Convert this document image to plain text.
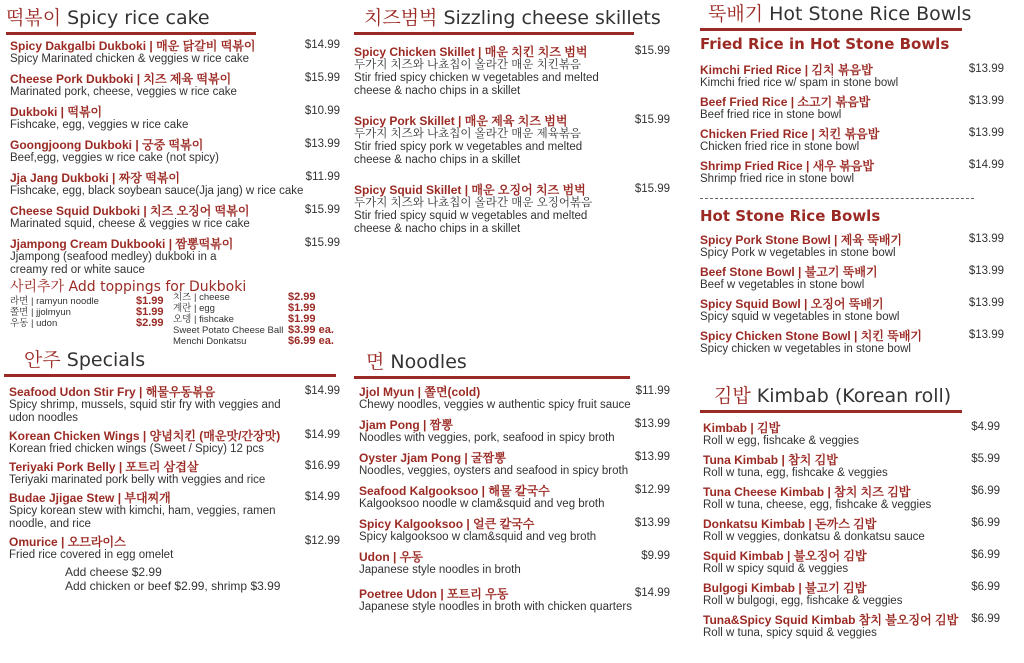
떡볶이 Spicy rice cake
Spicy Dakgalbi Dukboki | 매운 닭갈비 떡볶이
Spicy Marinated chicken & veggies w rice cake
$14.99
Cheese Pork Dukboki | 치즈 제육 떡볶이
Marinated pork, cheese, veggies w rice cake
$15.99
Dukboki | 떡볶이
Fishcake, egg, veggies w rice cake
$10.99
Goongjoong Dukboki | 궁중 떡볶이
Beef,egg, veggies w rice cake (not spicy)
$13.99
Jja Jang Dukboki | 짜장 떡볶이
Fishcake, egg, black soybean sauce(Jja jang) w rice cake
$11.99
Cheese Squid Dukboki | 치즈 오징어 떡볶이
Marinated squid, cheese & veggies w rice cake
$15.99
Jjampong Cream Dukbooki | 짬뽕떡볶이
Jjampong (seafood medley) dukboki in a creamy red or white sauce
$15.99
사리추가 Add toppings for Dukboki
라면 | ramyun noodle	$1.99
쫄면 | jjolmyun	$1.99
우동 | udon	$2.99
치즈 | cheese	$2.99
계란 | egg	$1.99
오뎅 | fishcake	$1.99
Sweet Potato Cheese Ball $3.99 ea.
Menchi Donkatsu	$6.99 ea.
안주 Specials
Seafood Udon Stir Fry | 해물우동볶음
Spicy shrimp, mussels, squid stir fry with veggies and udon noodles
$14.99
Korean Chicken Wings | 양념치킨 (매운맛/간장맛)
Korean fried chicken wings (Sweet / Spicy) 12 pcs
$14.99
Teriyaki Pork Belly | 포트리 삼겹살
Teriyaki marinated pork belly with veggies and rice
$16.99
Budae Jjigae Stew | 부대찌개
Spicy korean stew with kimchi, ham, veggies, ramen noodle, and rice
$14.99
Omurice | 오므라이스
Fried rice covered in egg omelet
$12.99
Add cheese $2.99
Add chicken or beef $2.99, shrimp $3.99
치즈범벅 Sizzling cheese skillets
Spicy Chicken Skillet | 매운 치킨 치즈 범벅
두가지 치즈와 나쵸칩이 올라간 매운 치킨볶음
Stir fried spicy chicken w vegetables and melted cheese & nacho chips in a skillet
$15.99
Spicy Pork Skillet | 매운 제육 치즈 범벅
두가지 치즈와 나쵸칩이 올라간 매운 제육볶음
Stir fried spicy pork w vegetables and melted cheese & nacho chips in a skillet
$15.99
Spicy Squid Skillet | 매운 오징어 치즈 범벅
두가지 치즈와 나쵸칩이 올라간 매운 오징어볶음
Stir fried spicy squid w vegetables and melted cheese & nacho chips in a skillet
$15.99
면 Noodles
Jjol Myun | 쫄면(cold)
Chewy noodles, veggies w authentic spicy fruit sauce
$11.99
Jjam Pong | 짬뽕
Noodles with veggies, pork, seafood in spicy broth
$13.99
Oyster Jjam Pong | 굴짬뽕
Noodles, veggies, oysters and seafood in spicy broth
$13.99
Seafood Kalgooksoo | 해물 칼국수
Kalgooksoo noodle w clam&squid and veg broth
$12.99
Spicy Kalgooksoo | 얼큰 칼국수
Spicy kalgooksoo w clam&squid and veg broth
$13.99
Udon | 우동
Japanese style noodles in broth
$9.99
Poetree Udon | 포트리 우동
Japanese style noodles in broth with chicken quarters
$14.99
뚝배기 Hot Stone Rice Bowls
Fried Rice in Hot Stone Bowls
Kimchi Fried Rice | 김치 볶음밥
Kimchi fried rice w/ spam in stone bowl
$13.99
Beef Fried Rice | 소고기 볶음밥
Beef fried rice in stone bowl
$13.99
Chicken Fried Rice | 치킨 볶음밥
Chicken fried rice in stone bowl
$13.99
Shrimp Fried Rice | 새우 볶음밥
Shrimp fried rice in stone bowl
$14.99
Hot Stone Rice Bowls
Spicy Pork Stone Bowl | 제육 뚝배기
Spicy Pork w vegetables in stone bowl
$13.99
Beef Stone Bowl | 불고기 뚝배기
Beef w vegetables in stone bowl
$13.99
Spicy Squid Bowl | 오징어 뚝배기
Spicy squid w vegetables in stone bowl
$13.99
Spicy Chicken Stone Bowl | 치킨 뚝배기
Spicy chicken w vegetables in stone bowl
$13.99
김밥 Kimbab (Korean roll)
Kimbab | 김밥
Roll w egg, fishcake & veggies
$4.99
Tuna Kimbab | 참치 김밥
Roll w tuna, egg, fishcake & veggies
$5.99
Tuna Cheese Kimbab | 참치 치즈 김밥
Roll w tuna, cheese, egg, fishcake & veggies
$6.99
Donkatsu Kimbab | 돈까스 김밥
Roll w veggies, donkatsu & donkatsu sauce
$6.99
Squid Kimbab | 불오징어 김밥
Roll w spicy squid & veggies
$6.99
Bulgogi Kimbab | 불고기 김밥
Roll w bulgogi, egg, fishcake & veggies
$6.99
Tuna&Spicy Squid Kimbab 참치 불오징어 김밥
Roll w tuna, spicy squid & veggies
$6.99
